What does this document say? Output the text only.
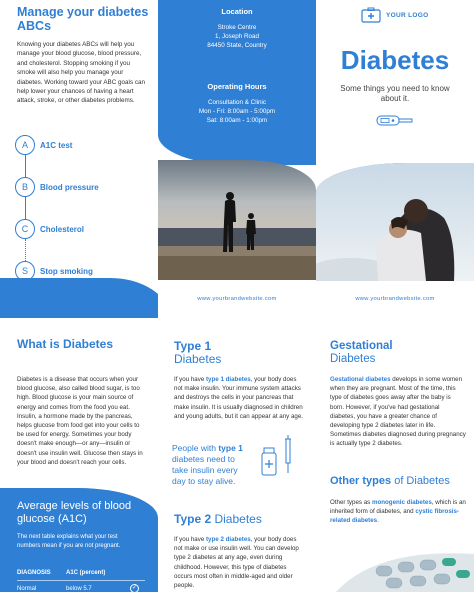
Manage your diabetes ABCs

Knowing your diabetes ABCs will help you manage your blood glucose, blood pressure, and cholesterol. Stopping smoking if you smoke will also help you manage your diabetes. Working toward your ABC goals can help lower your chances of having a heart attack, stroke, or other diabetes problems.

A	A1C test
B	Blood pressure
C	Cholesterol
S	Stop smoking
Location
Stroke Centre
1, Joseph Road
84450 State, Country
Operating Hours
Consultation & Clinic
Mon - Fri: 8:00am - 5:00pm
Sat: 8:00am - 1:00pm
www.yourbrandwebsite.com
YOUR LOGO
Diabetes
Some things you need to know about it.
www.yourbrandwebsite.com
What is Diabetes

Diabetes is a disease that occurs when your blood glucose, also called blood sugar, is too high. Blood glucose is your main source of energy and comes from the food you eat. Insulin, a hormone made by the pancreas, helps glucose from food get into your cells to be used for energy. Sometimes your body doesn't make enough—or any—insulin or doesn't use insulin well. Glucose then stays in your blood and doesn't reach your cells.

Average levels of blood glucose (A1C)
The next table explains what your test numbers mean if you are not pregnant.
DIAGNOSIS	A1C (percent)
Normal	below 5.7	✓
Type 1
Diabetes

If you have type 1 diabetes, your body does not make insulin. Your immune system attacks and destroys the cells in your pancreas that make insulin. It is usually diagnosed in children and young adults, but it can appear at any age.

People with type 1 diabetes need to take insulin every day to stay alive.

Type 2 Diabetes

If you have type 2 diabetes, your body does not make or use insulin well. You can develop type 2 diabetes at any age, even during childhood. However, this type of diabetes occurs most often in middle-aged and older people.

Gestational
Diabetes

Gestational diabetes develops in some women when they are pregnant. Most of the time, this type of diabetes goes away after the baby is born. However, if you've had gestational diabetes, you have a greater chance of developing type 2 diabetes later in life. Sometimes diabetes diagnosed during pregnancy is actually type 2 diabetes.

Other types of Diabetes

Other types as monogenic diabetes, which is an inherited form of diabetes, and cystic fibrosis-related diabetes.
